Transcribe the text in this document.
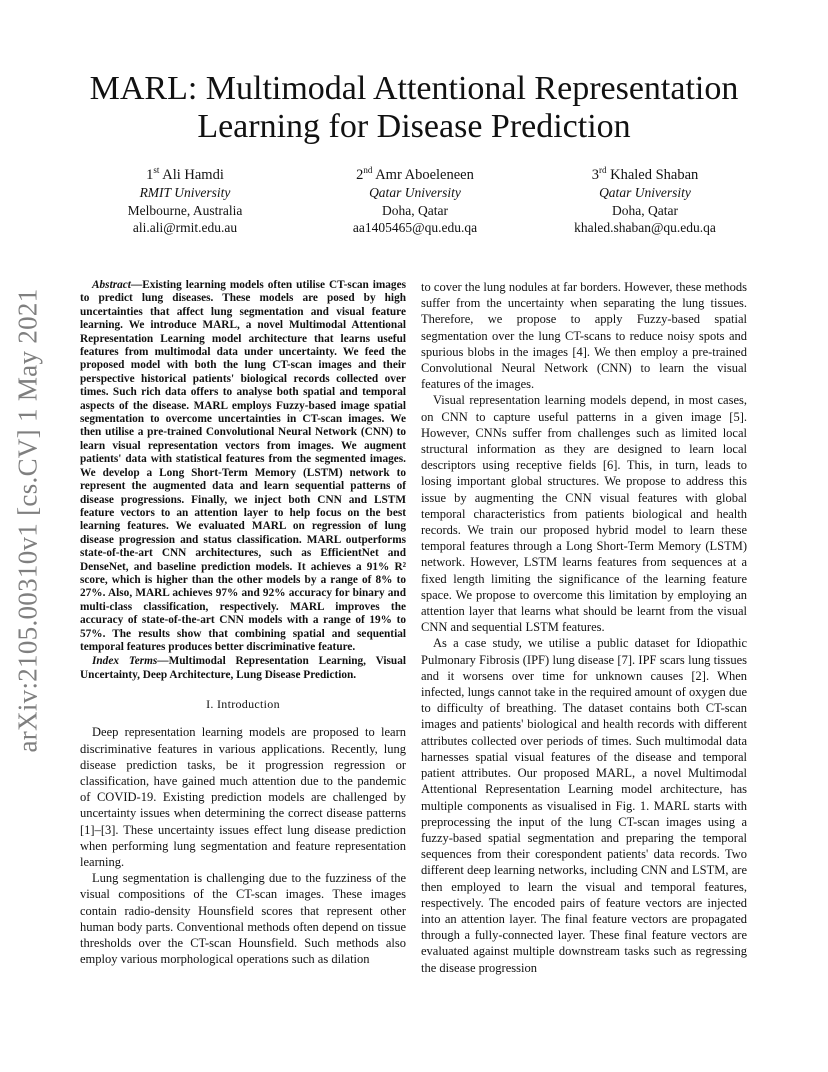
arXiv:2105.00310v1 [cs.CV] 1 May 2021
MARL: Multimodal Attentional Representation
Learning for Disease Prediction
1st Ali Hamdi
RMIT University
Melbourne, Australia
ali.ali@rmit.edu.au
2nd Amr Aboeleneen
Qatar University
Doha, Qatar
aa1405465@qu.edu.qa
3rd Khaled Shaban
Qatar University
Doha, Qatar
khaled.shaban@qu.edu.qa

Abstract—Existing learning models often utilise CT-scan images to predict lung diseases. These models are posed by high uncertainties that affect lung segmentation and visual feature learning. We introduce MARL, a novel Multimodal Attentional Representation Learning model architecture that learns useful features from multimodal data under uncertainty. We feed the proposed model with both the lung CT-scan images and their perspective historical patients' biological records collected over times. Such rich data offers to analyse both spatial and temporal aspects of the disease. MARL employs Fuzzy-based image spatial segmentation to overcome uncertainties in CT-scan images. We then utilise a pre-trained Convolutional Neural Network (CNN) to learn visual representation vectors from images. We augment patients' data with statistical features from the segmented images. We develop a Long Short-Term Memory (LSTM) network to represent the augmented data and learn sequential patterns of disease progressions. Finally, we inject both CNN and LSTM feature vectors to an attention layer to help focus on the best learning features. We evaluated MARL on regression of lung disease progression and status classification. MARL outperforms state-of-the-art CNN architectures, such as EfficientNet and DenseNet, and baseline prediction models. It achieves a 91% R² score, which is higher than the other models by a range of 8% to 27%. Also, MARL achieves 97% and 92% accuracy for binary and multi-class classification, respectively. MARL improves the accuracy of state-of-the-art CNN models with a range of 19% to 57%. The results show that combining spatial and sequential temporal features produces better discriminative feature.

Index Terms—Multimodal Representation Learning, Visual Uncertainty, Deep Architecture, Lung Disease Prediction.

I. Introduction

Deep representation learning models are proposed to learn discriminative features in various applications. Recently, lung disease prediction tasks, be it progression regression or classification, have gained much attention due to the pandemic of COVID-19. Existing prediction models are challenged by uncertainty issues when determining the correct disease patterns [1]–[3]. These uncertainty issues effect lung disease prediction when performing lung segmentation and feature representation learning.

Lung segmentation is challenging due to the fuzziness of the visual compositions of the CT-scan images. These images contain radio-density Hounsfield scores that represent other human body parts. Conventional methods often depend on tissue thresholds over the CT-scan Hounsfield. Such methods also employ various morphological operations such as dilation

to cover the lung nodules at far borders. However, these methods suffer from the uncertainty when separating the lung tissues. Therefore, we propose to apply Fuzzy-based spatial segmentation over the lung CT-scans to reduce noisy spots and spurious blobs in the images [4]. We then employ a pre-trained Convolutional Neural Network (CNN) to learn the visual features of the images.

Visual representation learning models depend, in most cases, on CNN to capture useful patterns in a given image [5]. However, CNNs suffer from challenges such as limited local structural information as they are designed to learn local descriptors using receptive fields [6]. This, in turn, leads to losing important global structures. We propose to address this issue by augmenting the CNN visual features with global temporal characteristics from patients biological and health records. We train our proposed hybrid model to learn these temporal features through a Long Short-Term Memory (LSTM) network. However, LSTM learns features from sequences at a fixed length limiting the significance of the learning feature space. We propose to overcome this limitation by employing an attention layer that learns what should be learnt from the visual CNN and sequential LSTM features.

As a case study, we utilise a public dataset for Idiopathic Pulmonary Fibrosis (IPF) lung disease [7]. IPF scars lung tissues and it worsens over time for unknown causes [2]. When infected, lungs cannot take in the required amount of oxygen due to difficulty of breathing. The dataset contains both CT-scan images and patients' biological and health records with different attributes collected over periods of times. Such multimodal data harnesses spatial visual features of the disease and temporal patient attributes. Our proposed MARL, a novel Multimodal Attentional Representation Learning model architecture, has multiple components as visualised in Fig. 1. MARL starts with preprocessing the input of the lung CT-scan images using a fuzzy-based spatial segmentation and preparing the temporal sequences from their corespondent patients' data records. Two different deep learning networks, including CNN and LSTM, are then employed to learn the visual and temporal features, respectively. The encoded pairs of feature vectors are injected into an attention layer. The final feature vectors are propagated through a fully-connected layer. These final feature vectors are evaluated against multiple downstream tasks such as regressing the disease progression
